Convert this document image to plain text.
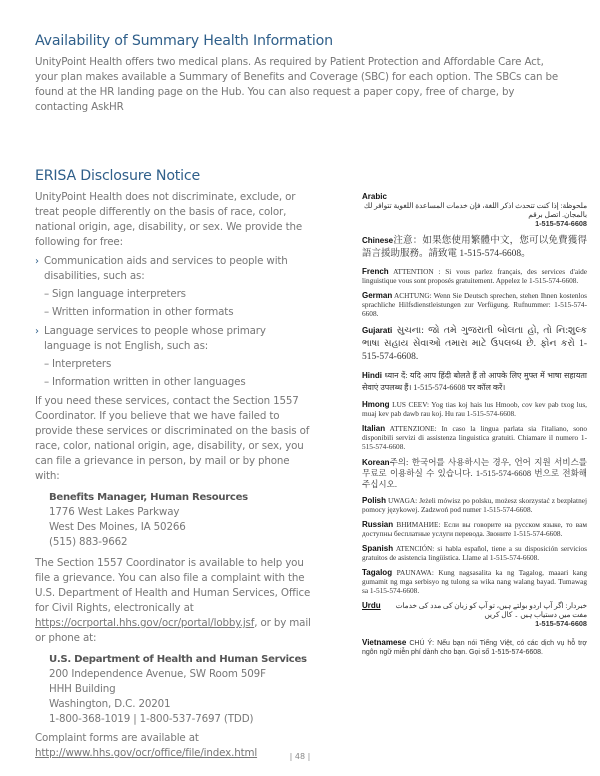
Availability of Summary Health Information

UnityPoint Health offers two medical plans. As required by Patient Protection and Affordable Care Act, your plan makes available a Summary of Benefits and Coverage (SBC) for each option. The SBCs can be found at the HR landing page on the Hub. You can also request a paper copy, free of charge, by contacting AskHR

ERISA Disclosure Notice

UnityPoint Health does not discriminate, exclude, or treat people differently on the basis of race, color, national origin, age, disability, or sex. We provide the following for free:

› Communication aids and services to people with disabilities, such as:
– Sign language interpreters
– Written information in other formats
› Language services to people whose primary language is not English, such as:
– Interpreters
– Information written in other languages

If you need these services, contact the Section 1557 Coordinator. If you believe that we have failed to provide these services or discriminated on the basis of race, color, national origin, age, disability, or sex, you can file a grievance in person, by mail or by phone with:

Benefits Manager, Human Resources
1776 West Lakes Parkway
West Des Moines, IA 50266
(515) 883-9662

The Section 1557 Coordinator is available to help you file a grievance. You can also file a complaint with the U.S. Department of Health and Human Services, Office for Civil Rights, electronically at https://ocrportal.hhs.gov/ocr/portal/lobby.jsf, or by mail or phone at:

U.S. Department of Health and Human Services
200 Independence Avenue, SW Room 509F
HHH Building
Washington, D.C. 20201
1-800-368-1019 | 1-800-537-7697 (TDD)

Complaint forms are available at
http://www.hhs.gov/ocr/office/file/index.html

Arabic
ملحوظة: إذا كنت تتحدث اذكر اللغة، فإن خدمات المساعدة اللغوية تتوافر لك بالمجان. اتصل برقم
1-515-574-6608
Chinese注意：如果您使用繁體中文，您可以免費獲得語言援助服務。請致電 1-515-574-6608。
French ATTENTION : Si vous parlez français, des services d'aide linguistique vous sont proposés gratuitement. Appelez le 1-515-574-6608.
German ACHTUNG: Wenn Sie Deutsch sprechen, stehen Ihnen kostenlos sprachliche Hilfsdienstleistungen zur Verfügung. Rufnummer: 1-515-574-6608.
Gujarati સુચના: જો તમે ગુજરાતી બોલતા હો, તો નિ:શુલ્ક ભાષા સહાય સેવાઓ તમારા માટે ઉપલબ્ધ છે. ફોન કરો 1-515-574-6608.
Hindi ध्यान दें: यदि आप हिंदी बोलते हैं तो आपके लिए मुफ्त में भाषा सहायता सेवाएं उपलब्ध हैं। 1-515-574-6608 पर कॉल करें।
Hmong LUS CEEV: Yog tias koj hais lus Hmoob, cov kev pab txog lus, muaj kev pab dawb rau koj. Hu rau 1-515-574-6608.
Italian ATTENZIONE: In caso la lingua parlata sia l'italiano, sono disponibili servizi di assistenza linguistica gratuiti. Chiamare il numero 1-515-574-6608.
Korean주의: 한국어를 사용하시는 경우, 언어 지원 서비스를 무료로 이용하실 수 있습니다. 1-515-574-6608 번으로 전화해 주십시오.
Polish UWAGA: Jeżeli mówisz po polsku, możesz skorzystać z bezpłatnej pomocy językowej. Zadzwoń pod numer 1-515-574-6608.
Russian ВНИМАНИЕ: Если вы говорите на русском языке, то вам доступны бесплатные услуги перевода. Звоните 1-515-574-6608.
Spanish ATENCIÓN: si habla español, tiene a su disposición servicios gratuitos de asistencia lingüística. Llame al 1-515-574-6608.
Tagalog PAUNAWA: Kung nagsasalita ka ng Tagalog, maaari kang gumamit ng mga serbisyo ng tulong sa wika nang walang bayad. Tumawag sa 1-515-574-6608.
Urdu	خبردار: اگر آپ اردو بولتے ہیں، تو آپ کو زبان کی مدد کی خدمات مفت میں دستیاب ہیں ۔ کال کریں
1-515-574-6608
Vietnamese CHÚ Ý: Nếu bạn nói Tiếng Việt, có các dịch vụ hỗ trợ ngôn ngữ miễn phí dành cho bạn. Gọi số 1-515-574-6608.
| 48 |
